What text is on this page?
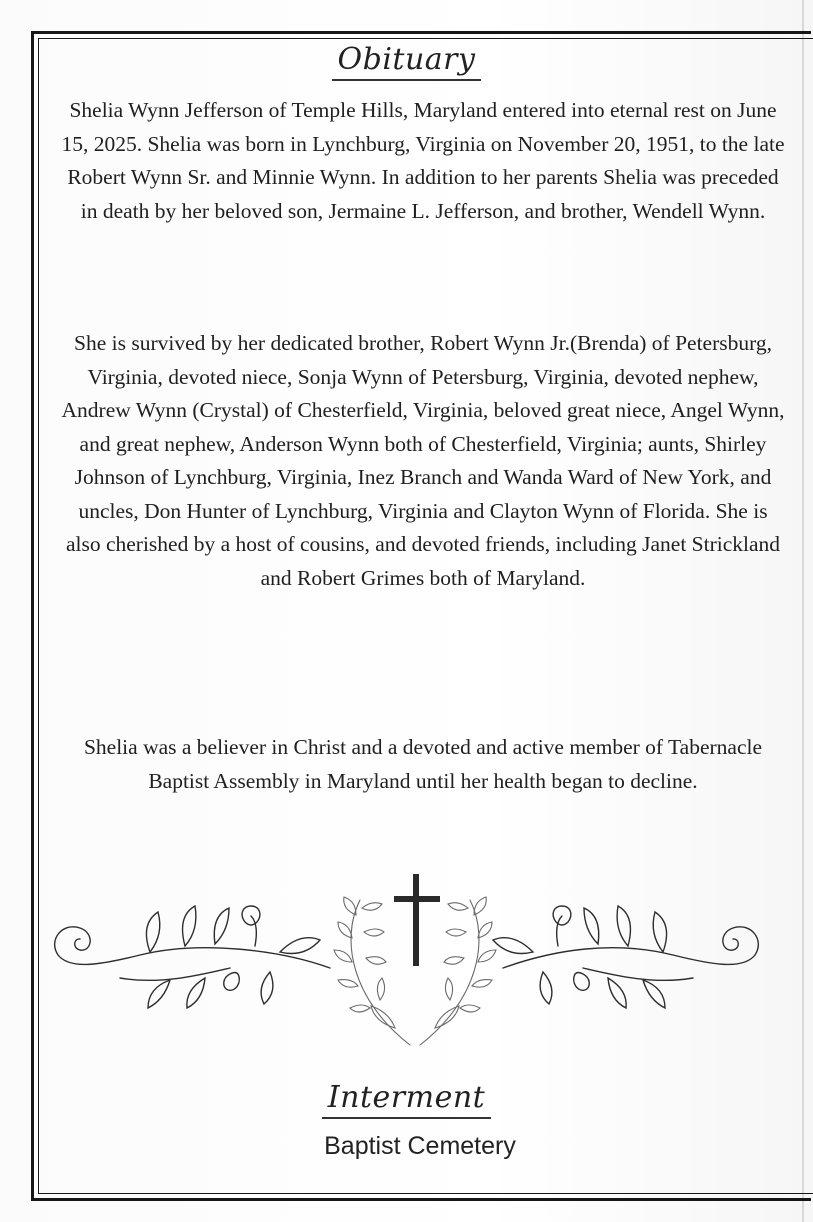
Obituary
Shelia Wynn Jefferson of Temple Hills, Maryland entered into eternal rest on June 15, 2025. Shelia was born in Lynchburg, Virginia on November 20, 1951, to the late Robert Wynn Sr. and Minnie Wynn. In addition to her parents Shelia was preceded in death by her beloved son, Jermaine L. Jefferson, and brother, Wendell Wynn.
She is survived by her dedicated brother, Robert Wynn Jr.(Brenda) of Petersburg, Virginia, devoted niece, Sonja Wynn of Petersburg, Virginia, devoted nephew, Andrew Wynn (Crystal) of Chesterfield, Virginia, beloved great niece, Angel Wynn, and great nephew, Anderson Wynn both of Chesterfield, Virginia; aunts, Shirley Johnson of Lynchburg, Virginia, Inez Branch and Wanda Ward of New York, and uncles, Don Hunter of Lynchburg, Virginia and Clayton Wynn of Florida. She is also cherished by a host of cousins, and devoted friends, including Janet Strickland and Robert Grimes both of Maryland.
Shelia was a believer in Christ and a devoted and active member of Tabernacle Baptist Assembly in Maryland until her health began to decline.
Interment
Baptist Cemetery
